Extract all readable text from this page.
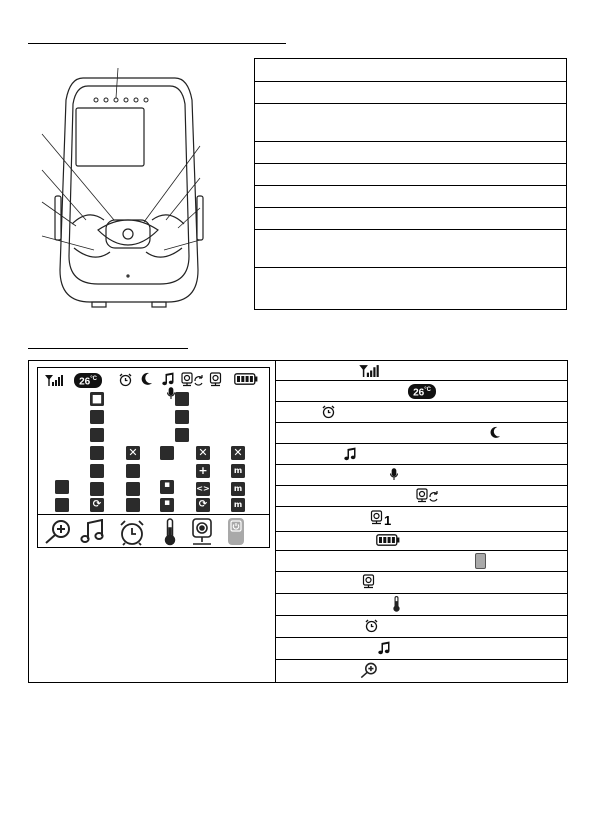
$26^{^\circ C}$
■
⟳
✕
▪
▪
✕
+
<>
⟳
✕
m
m
m
$26^{^\circ C}$
1
